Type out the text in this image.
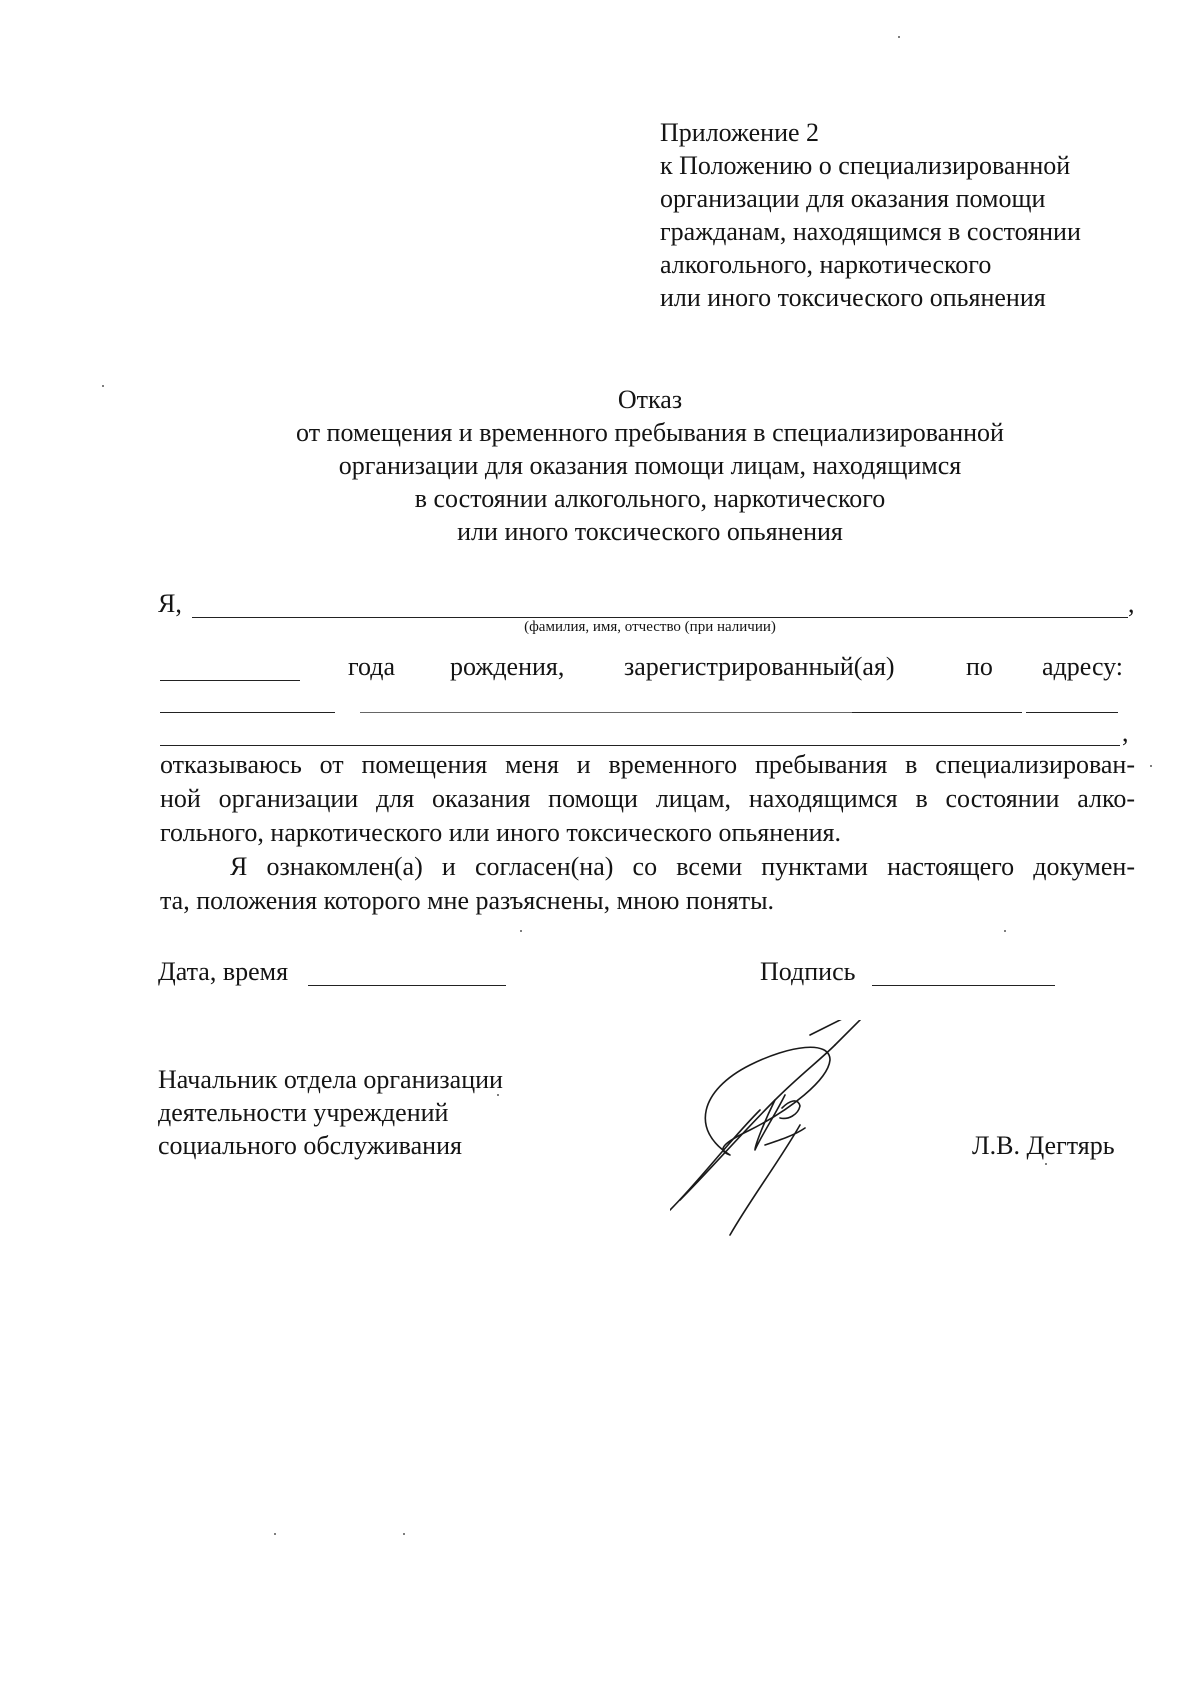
Приложение 2
к Положению о специализированной
организации для оказания помощи
гражданам, находящимся в состоянии
алкогольного, наркотического
или иного токсического опьянения
Отказ
от помещения и временного пребывания в специализированной
организации для оказания помощи лицам, находящимся
в состоянии алкогольного, наркотического
или иного токсического опьянения
Я,	,
(фамилия, имя, отчество (при наличии)
года рождения, зарегистрированный(ая)	по адресу:
,
отказываюсь от помещения меня и временного пребывания в специализирован-
ной организации для оказания помощи лицам, находящимся в состоянии алко-
гольного, наркотического или иного токсического опьянения.
Я ознакомлен(а) и согласен(на) со всеми пунктами настоящего докумен-
та, положения которого мне разъяснены, мною поняты.
Дата, время	Подпись
Начальник отдела организации
деятельности учреждений
социального обслуживания	Л.В. Дегтярь
